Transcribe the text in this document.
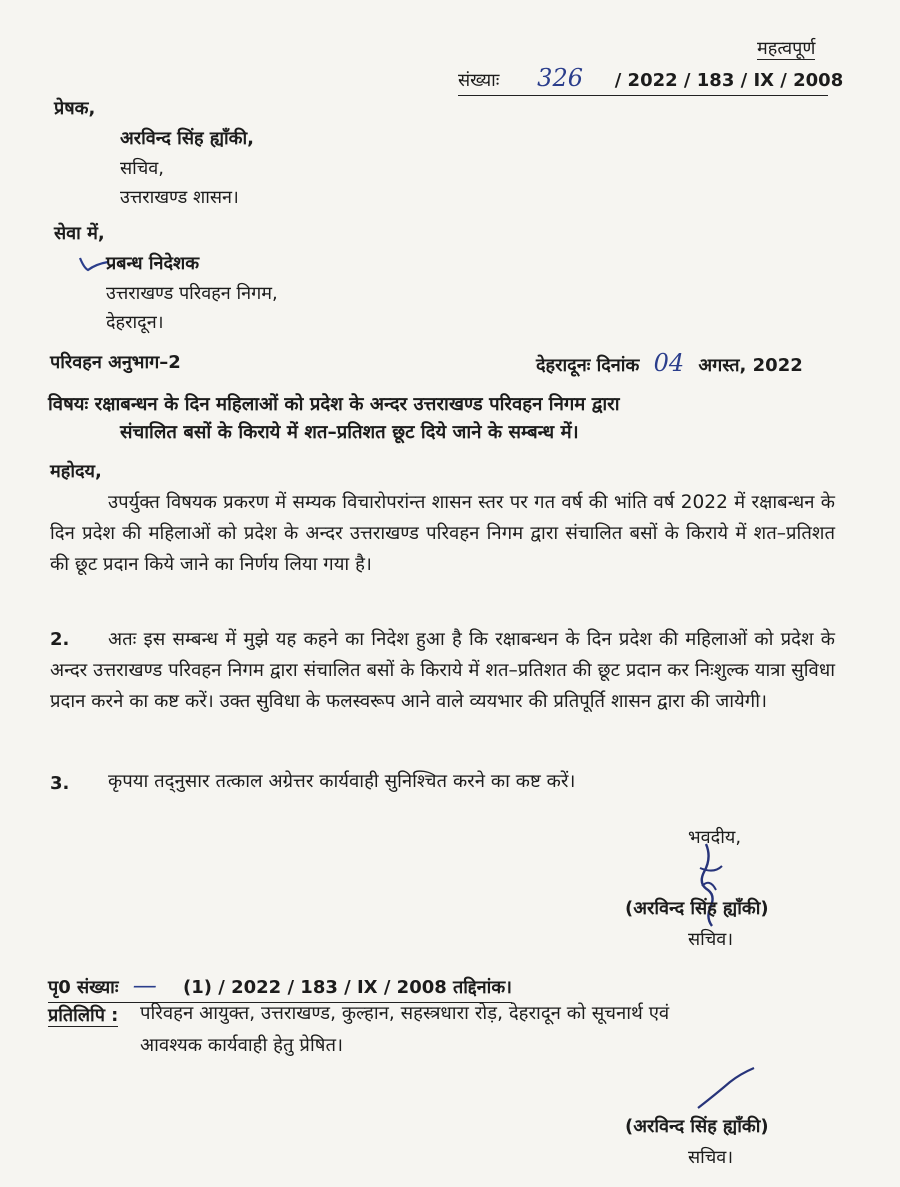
महत्वपूर्ण
संख्याः 326 / 2022 / 183 / IX / 2008
प्रेषक,
अरविन्द सिंह ह्याँकी,
सचिव,
उत्तराखण्ड शासन।
सेवा में,
प्रबन्ध निदेशक
उत्तराखण्ड परिवहन निगम,
देहरादून।
परिवहन अनुभाग–2	देहरादूनः दिनांक 04 अगस्त, 2022
विषयः रक्षाबन्धन के दिन महिलाओं को प्रदेश के अन्दर उत्तराखण्ड परिवहन निगम द्वारा
संचालित बसों के किराये में शत–प्रतिशत छूट दिये जाने के सम्बन्ध में।
महोदय,
उपर्युक्त विषयक प्रकरण में सम्यक विचारोपरांन्त शासन स्तर पर गत वर्ष की भांति वर्ष 2022 में रक्षाबन्धन के दिन प्रदेश की महिलाओं को प्रदेश के अन्दर उत्तराखण्ड परिवहन निगम द्वारा संचालित बसों के किराये में शत–प्रतिशत की छूट प्रदान किये जाने का निर्णय लिया गया है।
2.	अतः इस सम्बन्ध में मुझे यह कहने का निदेश हुआ है कि रक्षाबन्धन के दिन प्रदेश की महिलाओं को प्रदेश के अन्दर उत्तराखण्ड परिवहन निगम द्वारा संचालित बसों के किराये में शत–प्रतिशत की छूट प्रदान कर निःशुल्क यात्रा सुविधा प्रदान करने का कष्ट करें। उक्त सुविधा के फलस्वरूप आने वाले व्ययभार की प्रतिपूर्ति शासन द्वारा की जायेगी।
3. कृपया तद्नुसार तत्काल अग्रेत्तर कार्यवाही सुनिश्चित करने का कष्ट करें।
भवदीय,
(अरविन्द सिंह ह्याँकी)
सचिव।
पृ0 संख्याः — (1) / 2022 / 183 / IX / 2008 तद्दिनांक।
प्रतिलिपि : परिवहन आयुक्त, उत्तराखण्ड, कुल्हान, सहस्त्रधारा रोड़, देहरादून को सूचनार्थ एवं
आवश्यक कार्यवाही हेतु प्रेषित।
(अरविन्द सिंह ह्याँकी)
सचिव।
